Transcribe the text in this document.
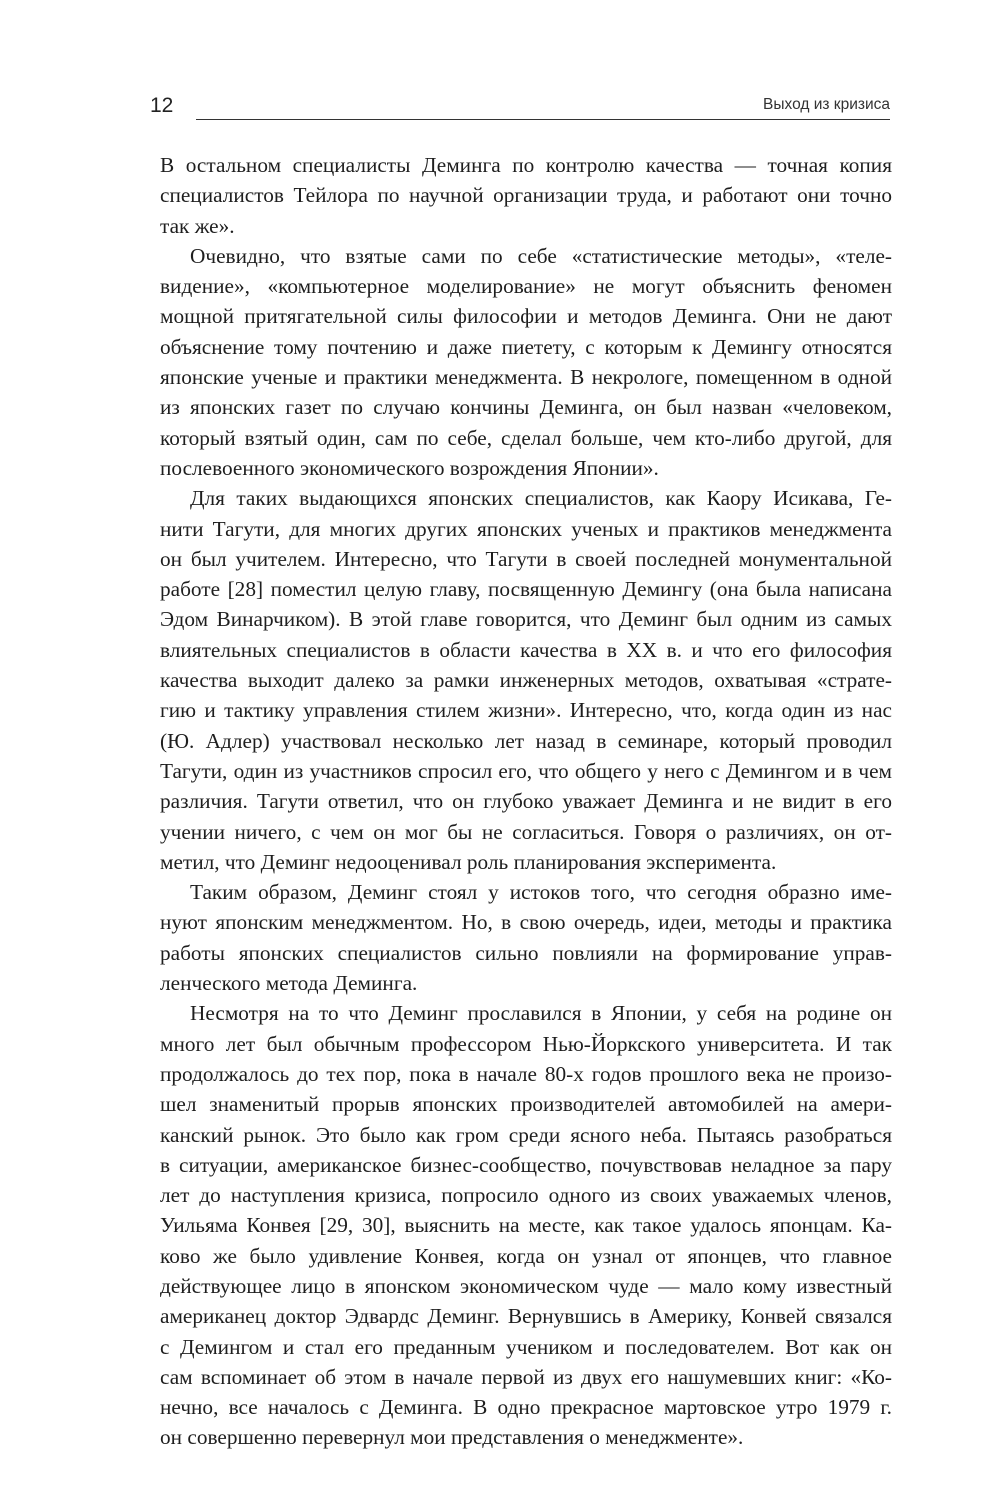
12	Выход из кризиса
В остальном специалисты Деминга по контролю качества — точная копия
специалистов Тейлора по научной организации труда, и работают они точно
так же».
Очевидно, что взятые сами по себе «статистические методы», «теле-
видение», «компьютерное моделирование» не могут объяснить феномен
мощной притягательной силы философии и методов Деминга. Они не дают
объяснение тому почтению и даже пиетету, с которым к Демингу относятся
японские ученые и практики менеджмента. В некрологе, помещенном в одной
из японских газет по случаю кончины Деминга, он был назван «человеком,
который взятый один, сам по себе, сделал больше, чем кто-либо другой, для
послевоенного экономического возрождения Японии».
Для таких выдающихся японских специалистов, как Каору Исикава, Ге-
нити Тагути, для многих других японских ученых и практиков менеджмента
он был учителем. Интересно, что Тагути в своей последней монументальной
работе [28] поместил целую главу, посвященную Демингу (она была написана
Эдом Винарчиком). В этой главе говорится, что Деминг был одним из самых
влиятельных специалистов в области качества в XX в. и что его философия
качества выходит далеко за рамки инженерных методов, охватывая «страте-
гию и тактику управления стилем жизни». Интересно, что, когда один из нас
(Ю. Адлер) участвовал несколько лет назад в семинаре, который проводил
Тагути, один из участников спросил его, что общего у него с Демингом и в чем
различия. Тагути ответил, что он глубоко уважает Деминга и не видит в его
учении ничего, с чем он мог бы не согласиться. Говоря о различиях, он от-
метил, что Деминг недооценивал роль планирования эксперимента.
Таким образом, Деминг стоял у истоков того, что сегодня образно име-
нуют японским менеджментом. Но, в свою очередь, идеи, методы и практика
работы японских специалистов сильно повлияли на формирование управ-
ленческого метода Деминга.
Несмотря на то что Деминг прославился в Японии, у себя на родине он
много лет был обычным профессором Нью-Йоркского университета. И так
продолжалось до тех пор, пока в начале 80-х годов прошлого века не произо-
шел знаменитый прорыв японских производителей автомобилей на амери-
канский рынок. Это было как гром среди ясного неба. Пытаясь разобраться
в ситуации, американское бизнес-сообщество, почувствовав неладное за пару
лет до наступления кризиса, попросило одного из своих уважаемых членов,
Уильяма Конвея [29, 30], выяснить на месте, как такое удалось японцам. Ка-
ково же было удивление Конвея, когда он узнал от японцев, что главное
действующее лицо в японском экономическом чуде — мало кому известный
американец доктор Эдвардс Деминг. Вернувшись в Америку, Конвей связался
с Демингом и стал его преданным учеником и последователем. Вот как он
сам вспоминает об этом в начале первой из двух его нашумевших книг: «Ко-
нечно, все началось с Деминга. В одно прекрасное мартовское утро 1979 г.
он совершенно перевернул мои представления о менеджменте».
